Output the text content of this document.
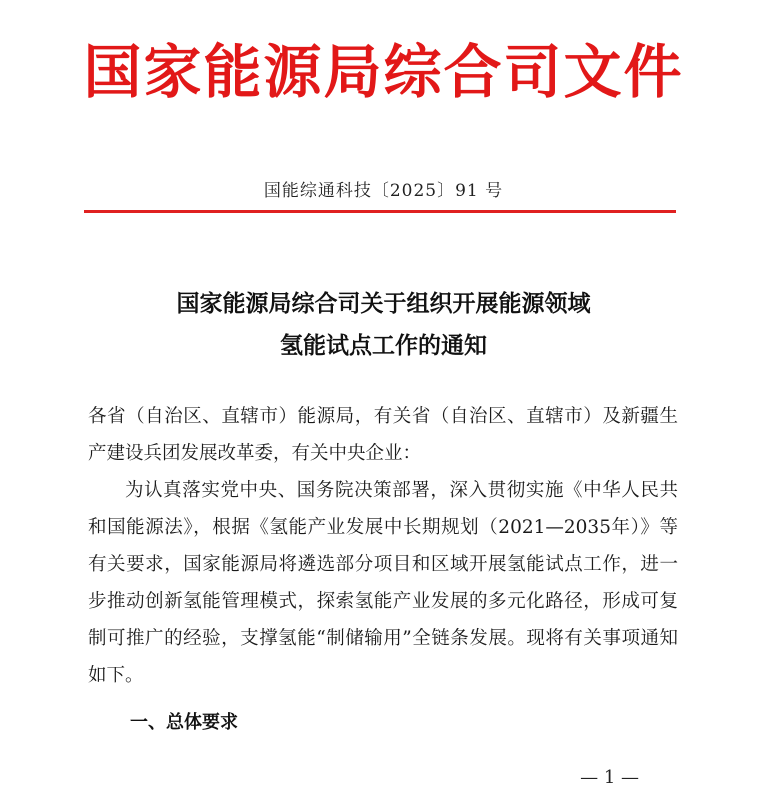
国家能源局综合司文件
国能综通科技〔2025〕91 号
国家能源局综合司关于组织开展能源领域
氢能试点工作的通知

各省（自治区、直辖市）能源局，有关省（自治区、直辖市）及新疆生产建设兵团发展改革委，有关中央企业：

为认真落实党中央、国务院决策部署，深入贯彻实施《中华人民共和国能源法》，根据《氢能产业发展中长期规划（2021—2035年）》等有关要求，国家能源局将遴选部分项目和区域开展氢能试点工作，进一步推动创新氢能管理模式，探索氢能产业发展的多元化路径，形成可复制可推广的经验，支撑氢能“制储输用”全链条发展。现将有关事项通知如下。

一、总体要求
— 1 —
